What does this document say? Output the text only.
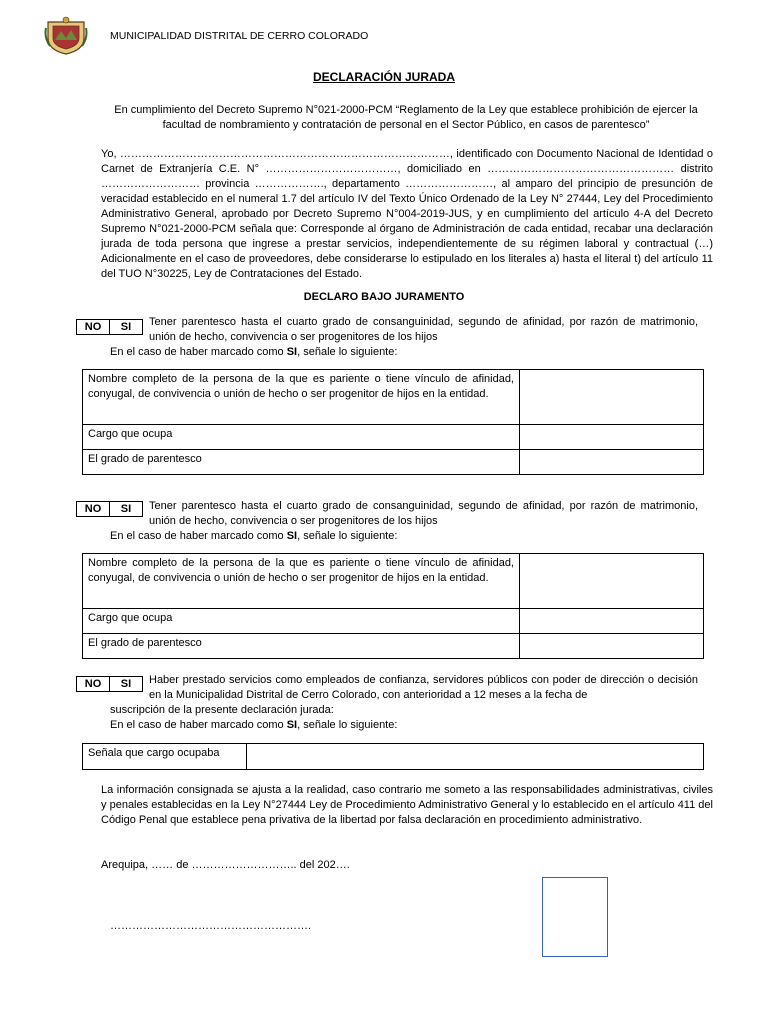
MUNICIPALIDAD DISTRITAL DE CERRO COLORADO
DECLARACIÓN JURADA
En cumplimiento del Decreto Supremo N°021-2000-PCM “Reglamento de la Ley que establece prohibición de ejercer la facultad de nombramiento y contratación de personal en el Sector Público, en casos de parentesco”
Yo, ………………………………………………………………………………, identificado con Documento Nacional de Identidad o Carnet de Extranjería C.E. N° ………………………………, domiciliado en …………………………………………… distrito ……………………… provincia ………………., departamento ……………………, al amparo del principio de presunción de veracidad establecido en el numeral 1.7 del artículo IV del Texto Único Ordenado de la Ley N° 27444, Ley del Procedimiento Administrativo General, aprobado por Decreto Supremo N°004-2019-JUS, y en cumplimiento del artículo 4-A del Decreto Supremo N°021-2000-PCM señala que: Corresponde al órgano de Administración de cada entidad, recabar una declaración jurada de toda persona que ingrese a prestar servicios, independientemente de su régimen laboral y contractual (…) Adicionalmente en el caso de proveedores, debe considerarse lo estipulado en los literales a) hasta el literal t) del artículo 11 del TUO N°30225, Ley de Contrataciones del Estado.
DECLARO BAJO JURAMENTO
NO	SI	Tener parentesco hasta el cuarto grado de consanguinidad, segundo de afinidad, por razón de matrimonio, unión de hecho, convivencia o ser progenitores de los hijos
En el caso de haber marcado como SI, señale lo siguiente:
Nombre completo de la persona de la que es pariente o tiene vínculo de afinidad, conyugal, de convivencia o unión de hecho o ser progenitor de hijos en la entidad.	
Cargo que ocupa	
El grado de parentesco	
NO	SI	Tener parentesco hasta el cuarto grado de consanguinidad, segundo de afinidad, por razón de matrimonio, unión de hecho, convivencia o ser progenitores de los hijos
En el caso de haber marcado como SI, señale lo siguiente:
Nombre completo de la persona de la que es pariente o tiene vínculo de afinidad, conyugal, de convivencia o unión de hecho o ser progenitor de hijos en la entidad.	
Cargo que ocupa	
El grado de parentesco	
NO	SI	Haber prestado servicios como empleados de confianza, servidores públicos con poder de dirección o decisión en la Municipalidad Distrital de Cerro Colorado, con anterioridad a 12 meses a la fecha de
suscripción de la presente declaración jurada:
En el caso de haber marcado como SI, señale lo siguiente:
Señala que cargo ocupaba	
La información consignada se ajusta a la realidad, caso contrario me someto a las responsabilidades administrativas, civiles y penales establecidas en la Ley N°27444 Ley de Procedimiento Administrativo General y lo establecido en el artículo 411 del Código Penal que establece pena privativa de la libertad por falsa declaración en procedimiento administrativo.
Arequipa, …… de ……………………….. del 202….
……………………………………………….
